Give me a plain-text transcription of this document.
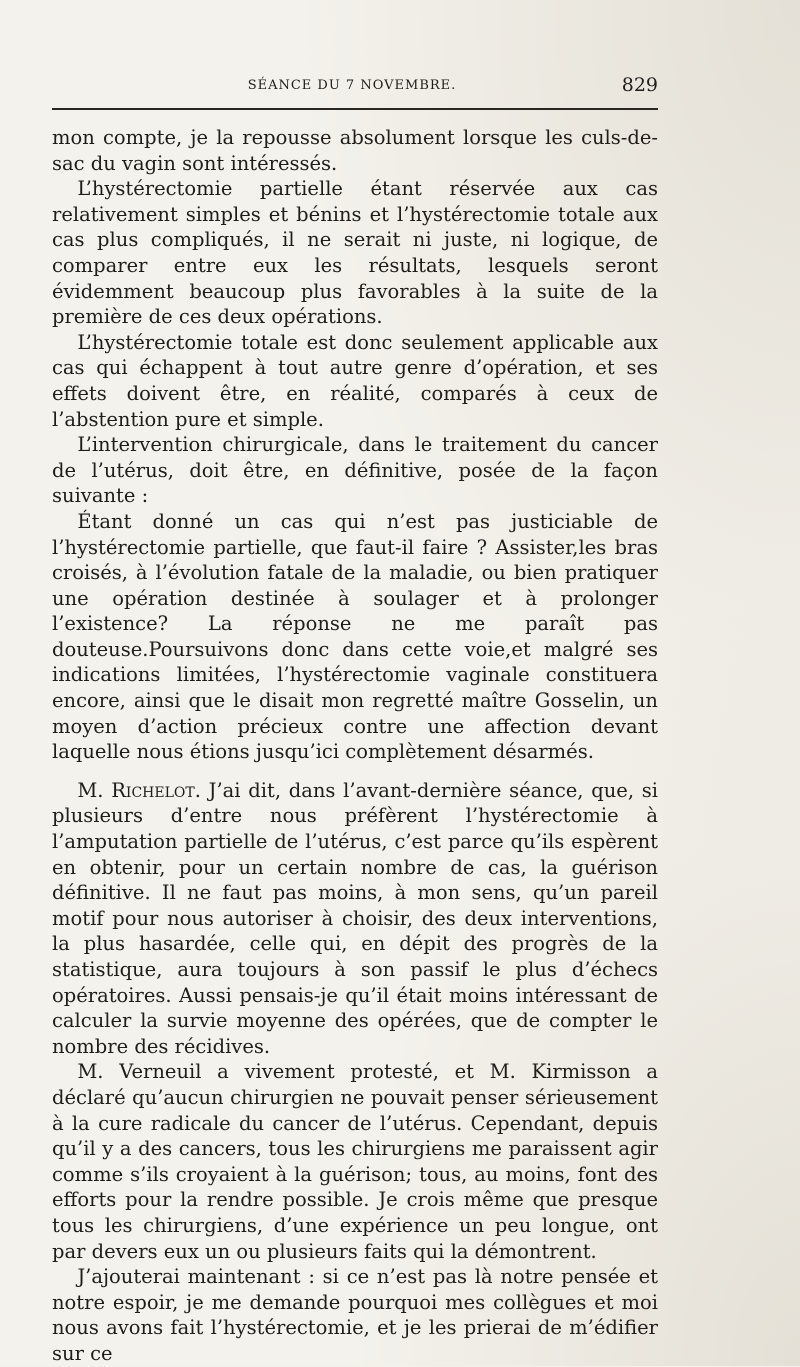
SÉANCE DU 7 NOVEMBRE.	829

mon compte, je la repousse absolument lorsque les culs-de-sac du vagin sont intéressés.

L’hystérectomie partielle étant réservée aux cas relativement simples et bénins et l’hystérectomie totale aux cas plus compliqués, il ne serait ni juste, ni logique, de comparer entre eux les résultats, lesquels seront évidemment beaucoup plus favorables à la suite de la première de ces deux opérations.

L’hystérectomie totale est donc seulement applicable aux cas qui échappent à tout autre genre d’opération, et ses effets doivent être, en réalité, comparés à ceux de l’abstention pure et simple.

L’intervention chirurgicale, dans le traitement du cancer de l’utérus, doit être, en définitive, posée de la façon suivante :

Étant donné un cas qui n’est pas justiciable de l’hystérectomie partielle, que faut-il faire ? Assister,les bras croisés, à l’évolution fatale de la maladie, ou bien pratiquer une opération destinée à soulager et à prolonger l’existence? La réponse ne me paraît pas douteuse.Poursuivons donc dans cette voie,et malgré ses indications limitées, l’hystérectomie vaginale constituera encore, ainsi que le disait mon regretté maître Gosselin, un moyen d’action précieux contre une affection devant laquelle nous étions jusqu’ici complètement désarmés.

M. Richelot. J’ai dit, dans l’avant-dernière séance, que, si plusieurs d’entre nous préfèrent l’hystérectomie à l’amputation partielle de l’utérus, c’est parce qu’ils espèrent en obtenir, pour un certain nombre de cas, la guérison définitive. Il ne faut pas moins, à mon sens, qu’un pareil motif pour nous autoriser à choisir, des deux interventions, la plus hasardée, celle qui, en dépit des progrès de la statistique, aura toujours à son passif le plus d’échecs opératoires. Aussi pensais-je qu’il était moins intéressant de calculer la survie moyenne des opérées, que de compter le nombre des récidives.

M. Verneuil a vivement protesté, et M. Kirmisson a déclaré qu’aucun chirurgien ne pouvait penser sérieusement à la cure radicale du cancer de l’utérus. Cependant, depuis qu’il y a des cancers, tous les chirurgiens me paraissent agir comme s’ils croyaient à la guérison; tous, au moins, font des efforts pour la rendre possible. Je crois même que presque tous les chirurgiens, d’une expérience un peu longue, ont par devers eux un ou plusieurs faits qui la démontrent.

J’ajouterai maintenant : si ce n’est pas là notre pensée et notre espoir, je me demande pourquoi mes collègues et moi nous avons fait l’hystérectomie, et je les prierai de m’édifier sur ce
